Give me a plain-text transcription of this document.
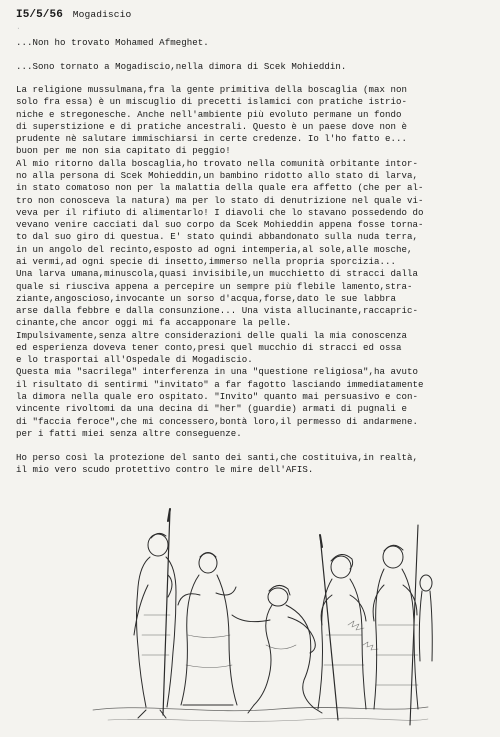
I5/5/56 Mogadiscio
.
...Non ho trovato Mohamed Afmeghet.
...Sono tornato a Mogadiscio,nella dimora di Scek Mohieddin.

La religione mussulmana,fra la gente primitiva della boscaglia (max non
solo fra essa) è un miscuglio di precetti islamici con pratiche istrio-
niche e stregonesche. Anche nell'ambiente più evoluto permane un fondo
di superstizione e di pratiche ancestrali. Questo è un paese dove non è
prudente nè salutare immischiarsi in certe credenze. Io l'ho fatto e...
buon per me non sia capitato di peggio!

Al mio ritorno dalla boscaglia,ho trovato nella comunità orbitante intor-
no alla persona di Scek Mohieddin,un bambino ridotto allo stato di larva,
in stato comatoso non per la malattia della quale era affetto (che per al-
tro non conosceva la natura) ma per lo stato di denutrizione nel quale vi-
veva per il rifiuto di alimentarlo! I diavoli che lo stavano possedendo do
vevano venire cacciati dal suo corpo da Scek Mohieddin appena fosse torna-
to dal suo giro di questua. E' stato quindi abbandonato sulla nuda terra,
in un angolo del recinto,esposto ad ogni intemperia,al sole,alle mosche,
ai vermi,ad ogni specie di insetto,immerso nella propria sporcizia...

Una larva umana,minuscola,quasi invisibile,un mucchietto di stracci dalla
quale si riusciva appena a percepire un sempre più flebile lamento,stra-
ziante,angoscioso,invocante un sorso d'acqua,forse,dato le sue labbra
arse dalla febbre e dalla consunzione... Una vista allucinante,raccapric-
cinante,che ancor oggi mi fa accapponare la pelle.

Impulsivamente,senza altre considerazioni delle quali la mia conoscenza
ed esperienza doveva tener conto,presi quel mucchio di stracci ed ossa
e lo trasportai all'Ospedale di Mogadiscio.

Questa mia "sacrilega" interferenza in una "questione religiosa",ha avuto
il risultato di sentirmi "invitato" a far fagotto lasciando immediatamente
la dimora nella quale ero ospitato. "Invito" quanto mai persuasivo e con-
vincente rivoltomi da una decina di "her" (guardie) armati di pugnali e
di "faccia feroce",che mi concessero,bontà loro,il permesso di andarmene.
per i fatti miei senza altre conseguenze.

Ho perso così la protezione del santo dei santi,che costituiva,in realtà,
il mio vero scudo protettivo contro le mire dell'AFIS.
